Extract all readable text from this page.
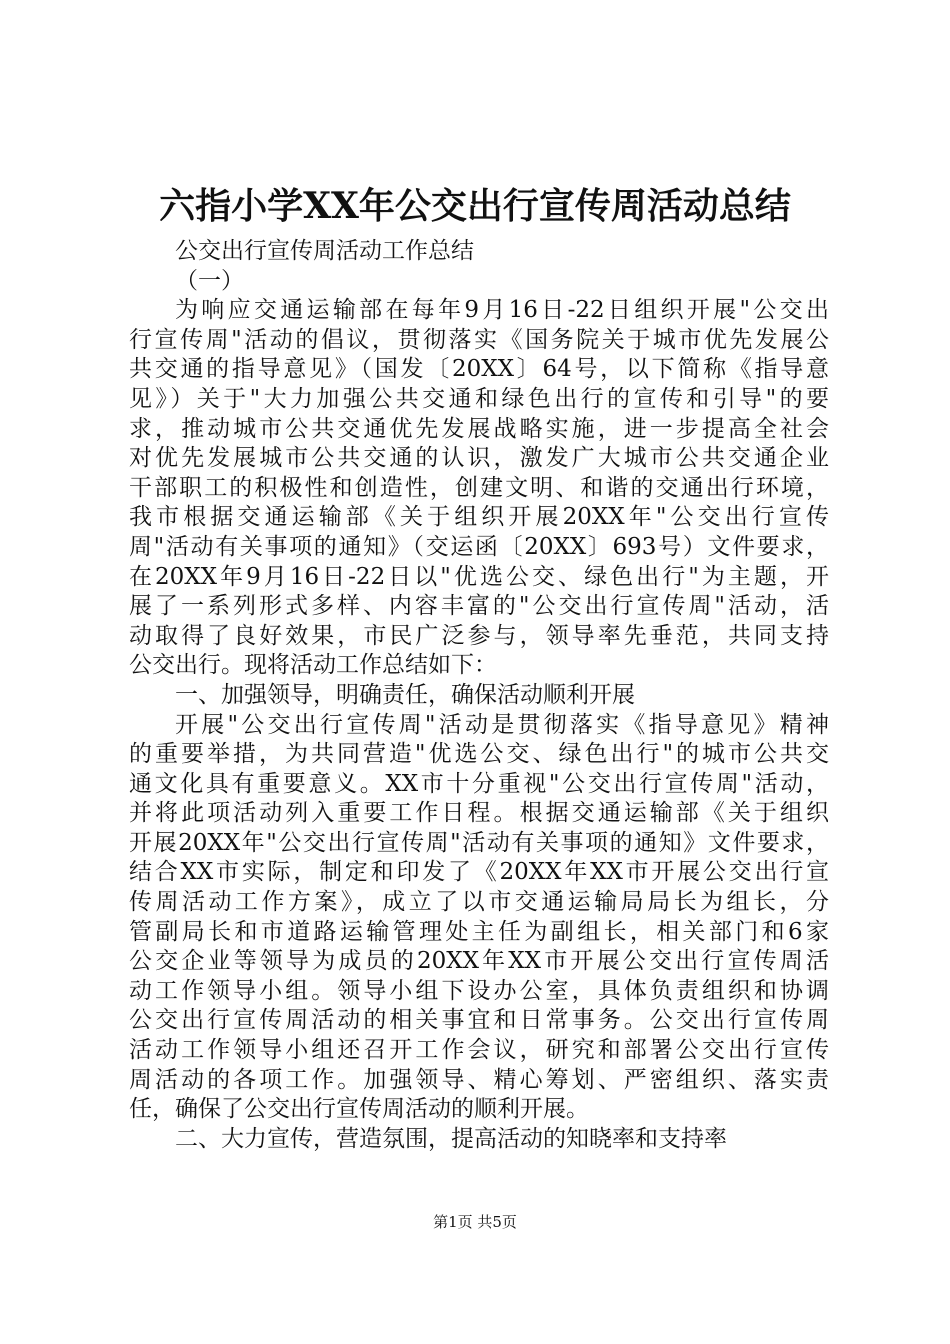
六指小学XX年公交出行宣传周活动总结
公交出行宣传周活动工作总结
（一）
为响应交通运输部在每年9月16日-22日组织开展"公交出
行宣传周"活动的倡议，贯彻落实《国务院关于城市优先发展公
共交通的指导意见》（国发〔20XX〕64号，以下简称《指导意
见》）关于"大力加强公共交通和绿色出行的宣传和引导"的要
求，推动城市公共交通优先发展战略实施，进一步提高全社会
对优先发展城市公共交通的认识，激发广大城市公共交通企业
干部职工的积极性和创造性，创建文明、和谐的交通出行环境，
我市根据交通运输部《关于组织开展20XX年"公交出行宣传
周"活动有关事项的通知》（交运函〔20XX〕693号）文件要求，
在20XX年9月16日-22日以"优选公交、绿色出行"为主题，开
展了一系列形式多样、内容丰富的"公交出行宣传周"活动，活
动取得了良好效果，市民广泛参与，领导率先垂范，共同支持
公交出行。现将活动工作总结如下：
一、加强领导，明确责任，确保活动顺利开展
开展"公交出行宣传周"活动是贯彻落实《指导意见》精神
的重要举措，为共同营造"优选公交、绿色出行"的城市公共交
通文化具有重要意义。XX市十分重视"公交出行宣传周"活动，
并将此项活动列入重要工作日程。根据交通运输部《关于组织
开展20XX年"公交出行宣传周"活动有关事项的通知》文件要求，
结合XX市实际，制定和印发了《20XX年XX市开展公交出行宣
传周活动工作方案》，成立了以市交通运输局局长为组长，分
管副局长和市道路运输管理处主任为副组长，相关部门和6家
公交企业等领导为成员的20XX年XX市开展公交出行宣传周活
动工作领导小组。领导小组下设办公室，具体负责组织和协调
公交出行宣传周活动的相关事宜和日常事务。公交出行宣传周
活动工作领导小组还召开工作会议，研究和部署公交出行宣传
周活动的各项工作。加强领导、精心筹划、严密组织、落实责
任，确保了公交出行宣传周活动的顺利开展。
二、大力宣传，营造氛围，提高活动的知晓率和支持率
第1页 共5页
